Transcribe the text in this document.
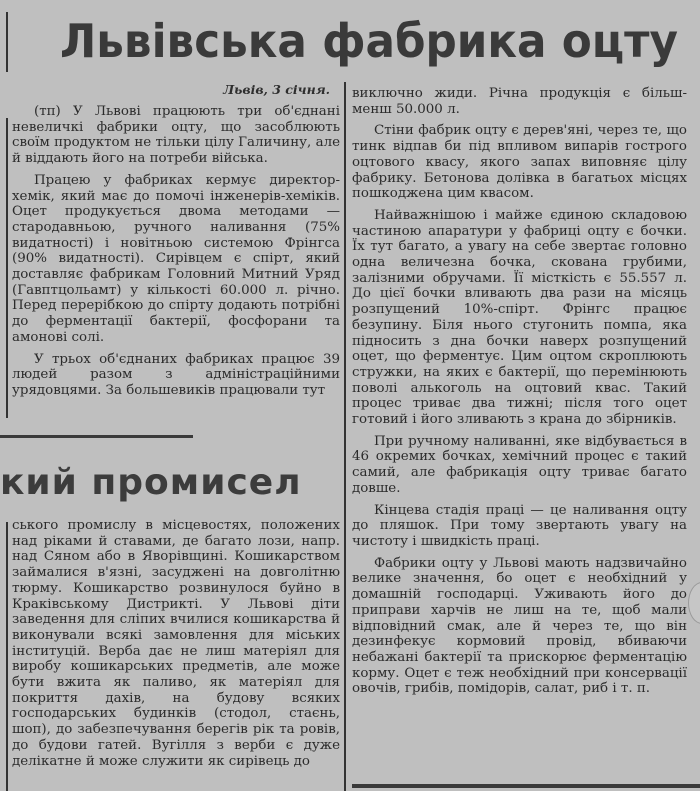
Львівська фабрика оцту
Львів, 3 січня.

(тп) У Львові працюють три об'єднані невеличкі фабрики оцту, що засоблюють своїм продуктом не тільки цілу Галичину, але й віддають його на потреби війська.

Працею у фабриках кермує директор-хемік, який має до помочі інженерів-хеміків. Оцет продукується двома методами — стародавньою, ручного наливання (75% видатності) і новітньою системою Фрінгса (90% видатності). Сирівцем є спірт, який доставляє фабрикам Головний Митний Уряд (Гавптцольамт) у кількості 60.000 л. річно. Перед перерібкою до спірту додають потрібні до ферментації бактерії, фосфорани та амонові солі.

У трьох об'єднаних фабриках працює 39 людей разом з адміністраційними урядовцями. За большевиків працювали тут

кий промисел

ського промислу в місцевостях, положених над ріками й ставами, де багато лози, напр. над Сяном або в Яворівщині. Кошикарством займалися в'язні, засуджені на довголітню тюрму. Кошикарство розвинулося буйно в Краківському Дистрикті. У Львові діти заведення для сліпих вчилися кошикарства й виконували всякі замовлення для міських інституцій. Верба дає не лиш матеріял для виробу кошикарських предметів, але може бути вжита як паливо, як матеріял для покриття дахів, на будову всяких господарських будинків (стодол, стаєнь, шоп), до забезпечування берегів рік та ровів, до будови гатей. Вугілля з верби є дуже делікатне й може служити як сирівець до

виключно жиди. Річна продукція є більш-менш 50.000 л.

Стіни фабрик оцту є дерев'яні, через те, що тинк відпав би під впливом випарів гострого оцтового квасу, якого запах виповняє цілу фабрику. Бетонова долівка в багатьох місцях пошкоджена цим квасом.

Найважнішою і майже єдиною складовою частиною апаратури у фабриці оцту є бочки. Їх тут багато, а увагу на себе звертає головно одна величезна бочка, скована грубими, залізними обручами. Її місткість є 55.557 л. До цієї бочки вливають два рази на місяць розпущений 10%-спірт. Фрінгс працює безупину. Біля нього стугонить помпа, яка підносить з дна бочки наверх розпущений оцет, що ферментує. Цим оцтом скроплюють стружки, на яких є бактерії, що перемінюють поволі алькоголь на оцтовий квас. Такий процес триває два тижні; після того оцет готовий і його зливають з крана до збірників.

При ручному наливанні, яке відбувається в 46 окремих бочках, хемічний процес є такий самий, але фабрикація оцту триває багато довше.

Кінцева стадія праці — це наливання оцту до пляшок. При тому звертають увагу на чистоту і швидкість праці.

Фабрики оцту у Львові мають надзвичайно велике значення, бо оцет є необхідний у домашній господарці. Уживають його до приправи харчів не лиш на те, щоб мали відповідний смак, але й через те, що він дезинфекує кормовий провід, вбиваючи небажані бактерії та прискорює ферментацію корму. Оцет є теж необхідний при консервації овочів, грибів, помідорів, салат, риб і т. п.
